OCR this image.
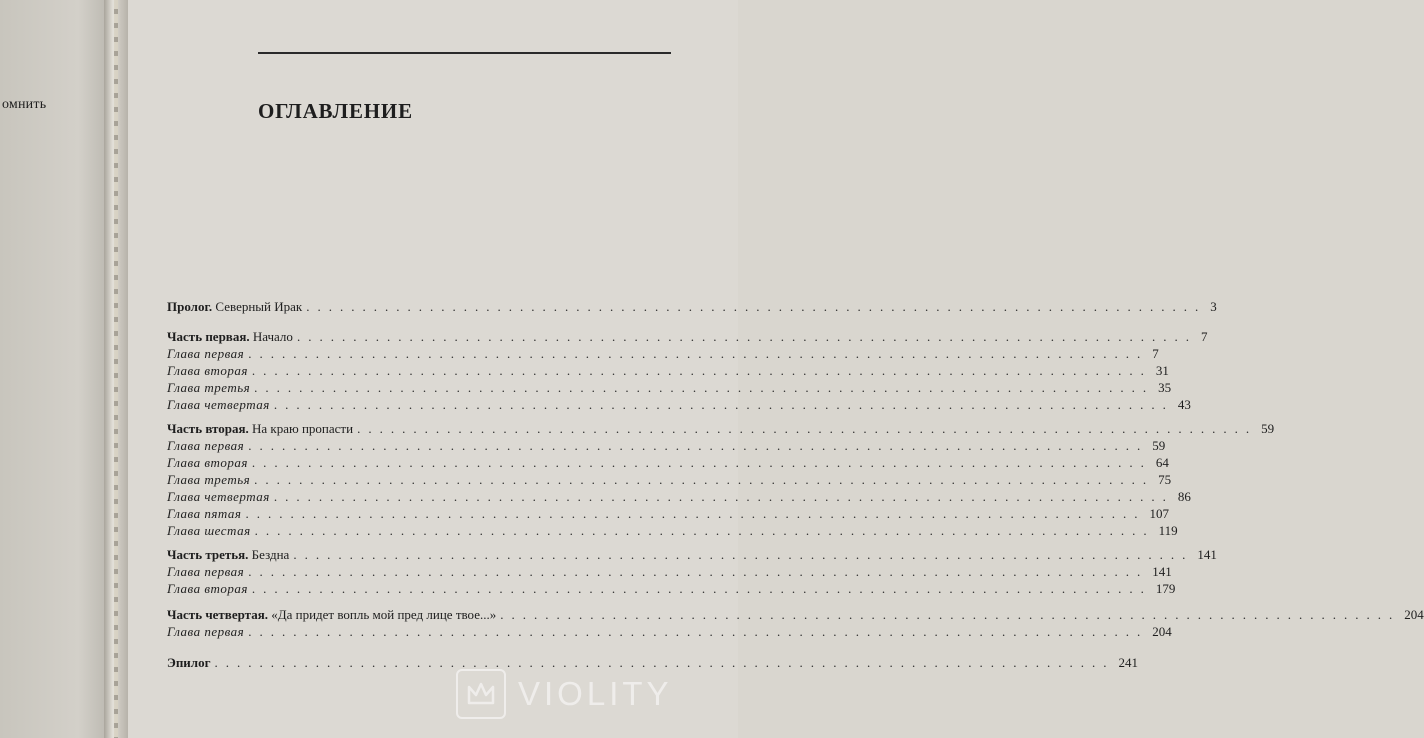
омнить	ОГЛАВЛЕНИЕ
Пролог. Северный Ирак ................................................................................ 3
Часть первая. Начало ................................................................................ 7
Глава первая ................................................................................ 7
Глава вторая ................................................................................ 31
Глава третья ................................................................................ 35
Глава четвертая ................................................................................ 43
Часть вторая. На краю пропасти ................................................................................ 59
Глава первая ................................................................................ 59
Глава вторая ................................................................................ 64
Глава третья ................................................................................ 75
Глава четвертая ................................................................................ 86
Глава пятая ................................................................................ 107
Глава шестая ................................................................................ 119
Часть третья. Бездна ................................................................................ 141
Глава первая ................................................................................ 141
Глава вторая ................................................................................ 179
Часть четвертая. «Да придет вопль мой пред лице твое...» ................................................................................ 204
Глава первая ................................................................................ 204
Эпилог ................................................................................ 241
VIOLITY
